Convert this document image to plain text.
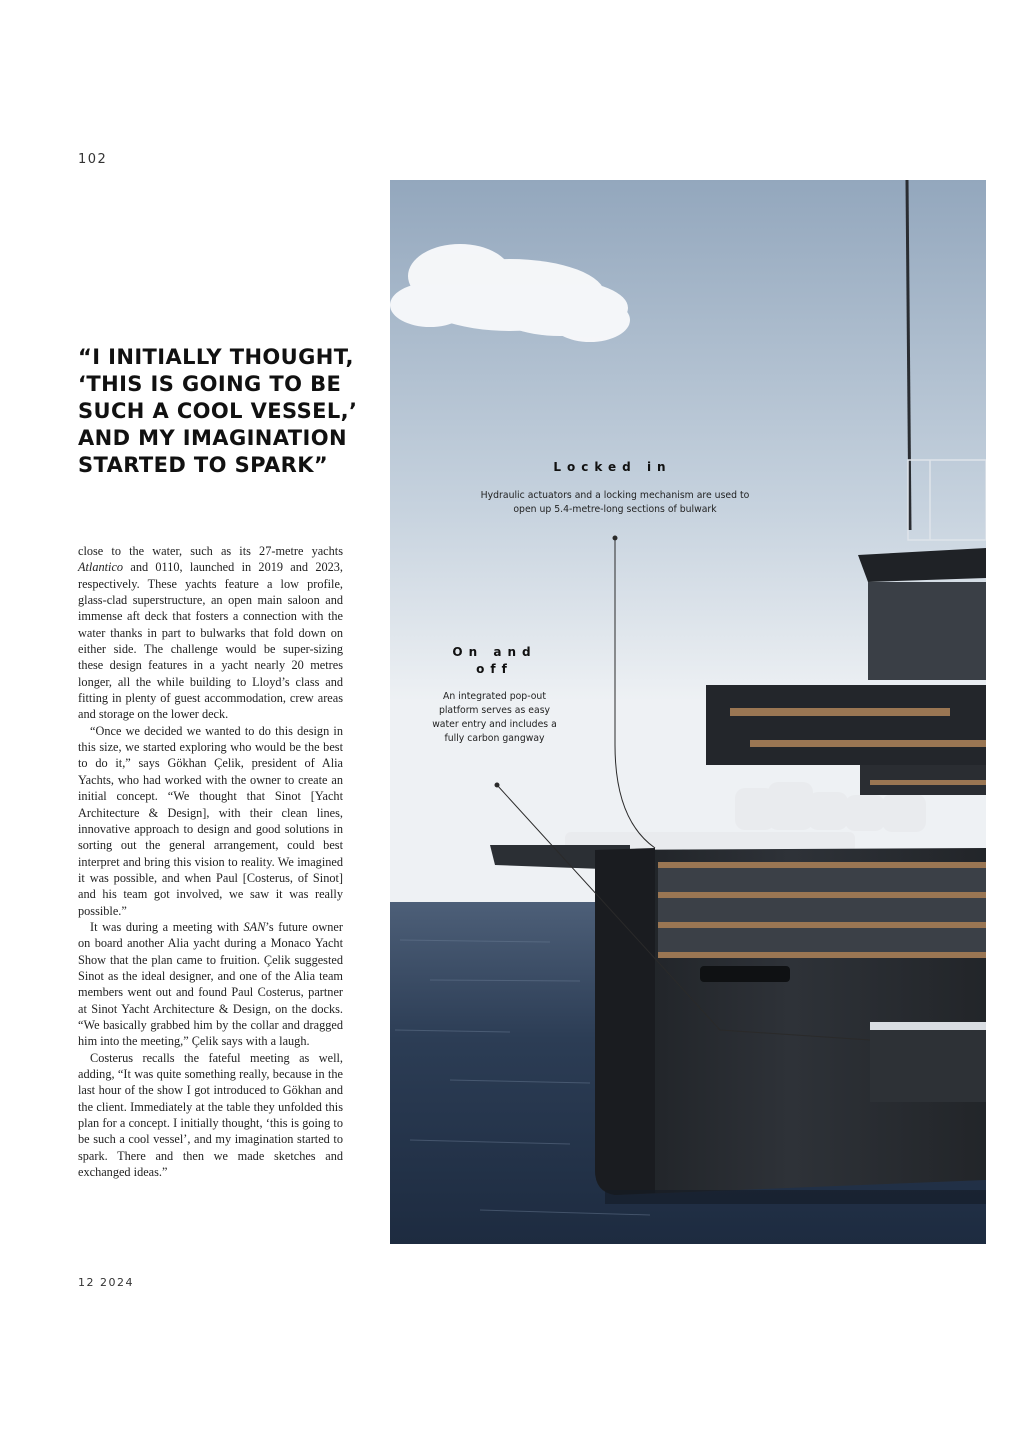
102
“I INITIALLY THOUGHT, ‘THIS IS GOING TO BE SUCH A COOL VESSEL,’ AND MY IMAGINATION STARTED TO SPARK”

close to the water, such as its 27-metre yachts Atlantico and 0110, launched in 2019 and 2023, respectively. These yachts feature a low profile, glass-clad superstructure, an open main saloon and immense aft deck that fosters a connection with the water thanks in part to bulwarks that fold down on either side. The challenge would be super-sizing these design features in a yacht nearly 20 metres longer, all the while building to Lloyd’s class and fitting in plenty of guest accommodation, crew areas and storage on the lower deck.

“Once we decided we wanted to do this design in this size, we started exploring who would be the best to do it,” says Gökhan Çelik, president of Alia Yachts, who had worked with the owner to create an initial concept. “We thought that Sinot [Yacht Architecture & Design], with their clean lines, innovative approach to design and good solutions in sorting out the general arrangement, could best interpret and bring this vision to reality. We imagined it was possible, and when Paul [Costerus, of Sinot] and his team got involved, we saw it was really possible.”

It was during a meeting with SAN’s future owner on board another Alia yacht during a Monaco Yacht Show that the plan came to fruition. Çelik suggested Sinot as the ideal designer, and one of the Alia team members went out and found Paul Costerus, partner at Sinot Yacht Architecture & Design, on the docks. “We basically grabbed him by the collar and dragged him into the meeting,” Çelik says with a laugh.

Costerus recalls the fateful meeting as well, adding, “It was quite something really, because in the last hour of the show I got introduced to Gökhan and the client. Immediately at the table they unfolded this plan for a concept. I initially thought, ‘this is going to be such a cool vessel’, and my imagination started to spark. There and then we made sketches and exchanged ideas.”

12 2024
Locked in
Hydraulic actuators and a locking mechanism are used to open up 5.4-metre-long sections of bulwark
On and off
An integrated pop-out platform serves as easy water entry and includes a fully carbon gangway
